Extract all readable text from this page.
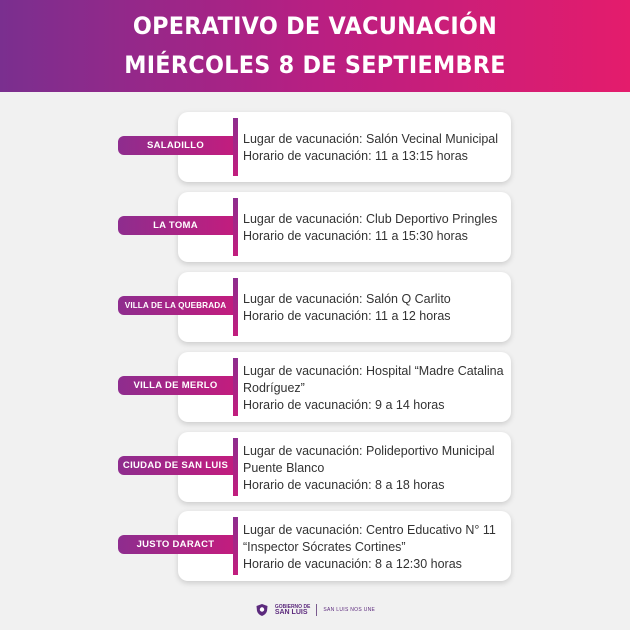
OPERATIVO DE VACUNACIÓN
MIÉRCOLES 8 DE SEPTIEMBRE
SALADILLO	Lugar de vacunación: Salón Vecinal Municipal
Horario de vacunación: 11 a 13:15 horas
LA TOMA	Lugar de vacunación: Club Deportivo Pringles
Horario de vacunación: 11 a 15:30 horas
VILLA DE LA QUEBRADA	Lugar de vacunación: Salón Q Carlito
Horario de vacunación: 11 a 12 horas
VILLA DE MERLO
Lugar de vacunación: Hospital “Madre Catalina
Rodríguez”
Horario de vacunación: 9 a 14 horas
CIUDAD DE SAN LUIS
Lugar de vacunación: Polideportivo Municipal
Puente Blanco
Horario de vacunación: 8 a 18 horas
JUSTO DARACT
Lugar de vacunación: Centro Educativo N° 11
“Inspector Sócrates Cortines”
Horario de vacunación: 8 a 12:30 horas
GOBIERNO DE
SAN LUIS	SAN LUIS NOS UNE
